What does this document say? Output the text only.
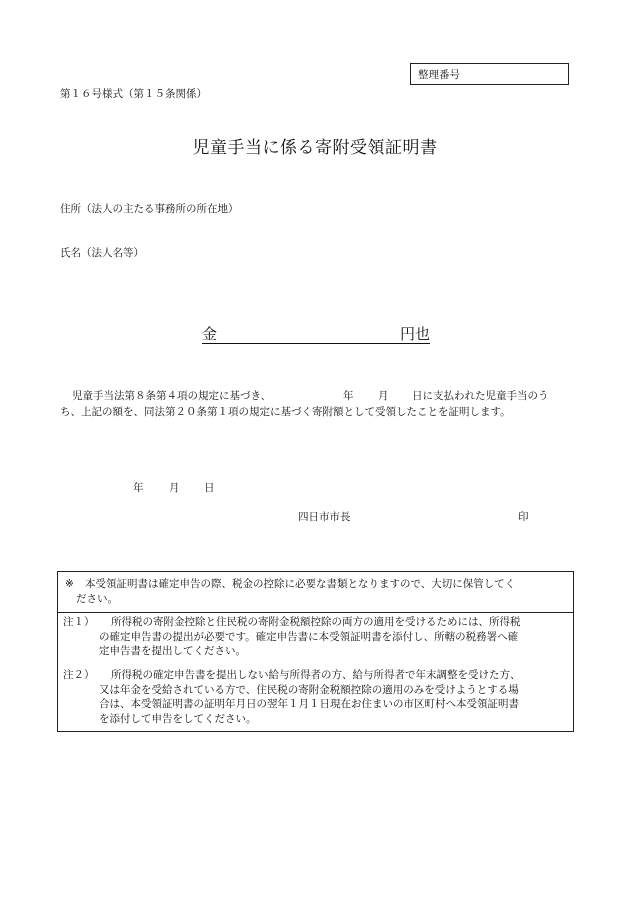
整理番号
第１６号様式（第１５条関係）
児童手当に係る寄附受領証明書
住所（法人の主たる事務所の所在地）
氏名（法人名等）
金	円也
児童手当法第８条第４項の規定に基づき、	年 月 日に支払われた児童手当のう
ち、上記の額を、同法第２０条第１項の規定に基づく寄附額として受領したことを証明します。
年 月 日
四日市市長	印
※ 本受領証明書は確定申告の際、税金の控除に必要な書類となりますので、大切に保管してく
ださい。
注１） 所得税の寄附金控除と住民税の寄附金税額控除の両方の適用を受けるためには、所得税
の確定申告書の提出が必要です。確定申告書に本受領証明書を添付し、所轄の税務署へ確
定申告書を提出してください。
注２） 所得税の確定申告書を提出しない給与所得者の方、給与所得者で年末調整を受けた方、
又は年金を受給されている方で、住民税の寄附金税額控除の適用のみを受けようとする場
合は、本受領証明書の証明年月日の翌年１月１日現在お住まいの市区町村へ本受領証明書
を添付して申告をしてください。
